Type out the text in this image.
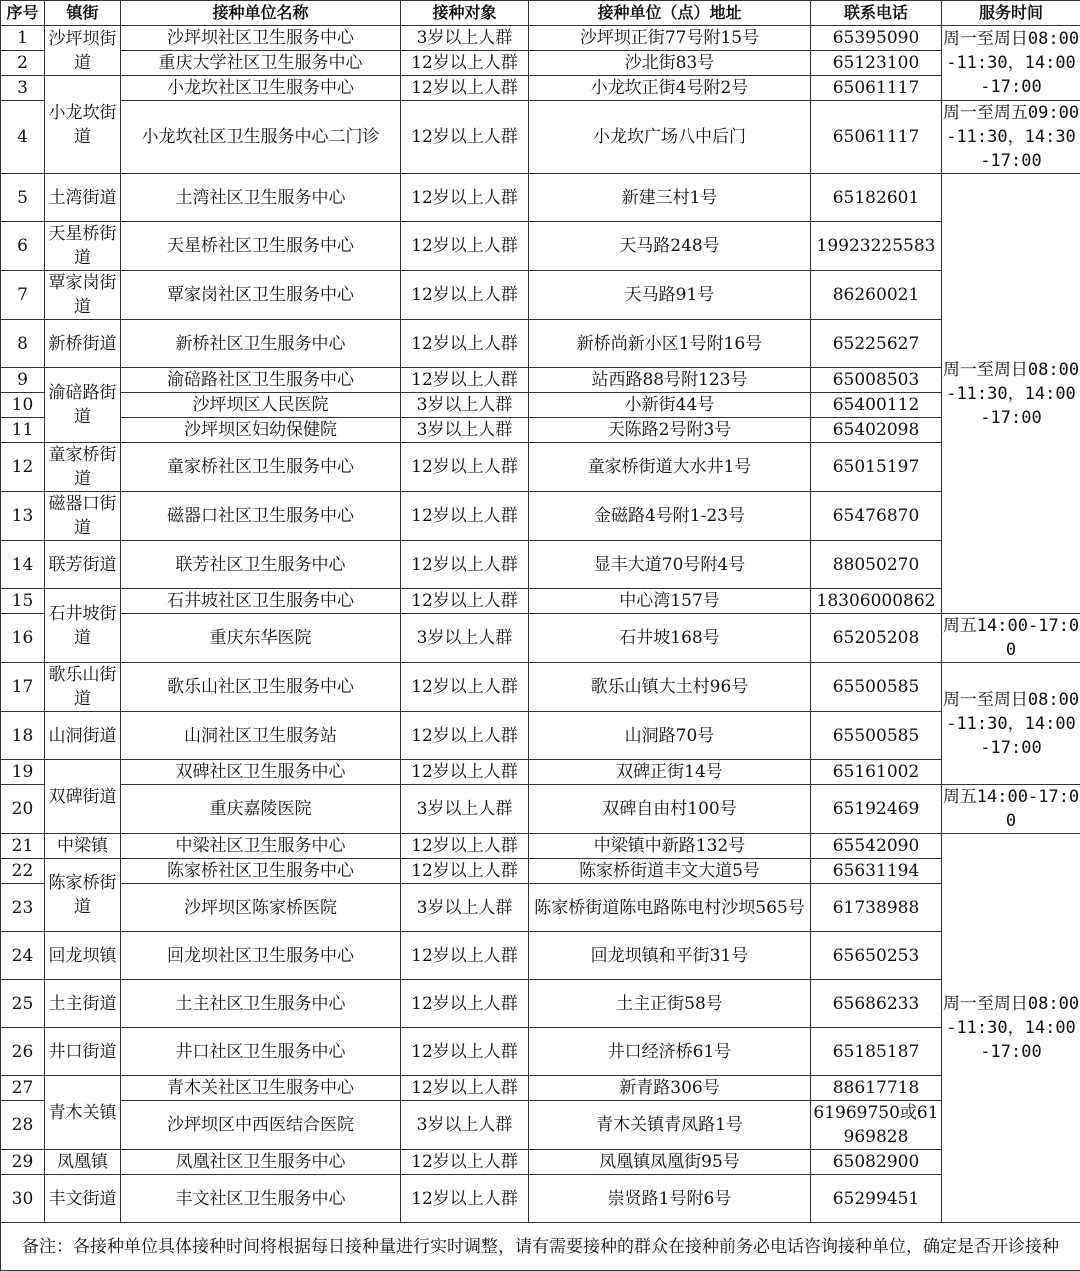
序号	镇街	接种单位名称	接种对象	接种单位（点）地址	联系电话	服务时间
1	沙坪坝街道	沙坪坝社区卫生服务中心	3岁以上人群	沙坪坝正街77号附15号	65395090	周一至周日08:00-11:30，14:00-17:00
2		重庆大学社区卫生服务中心	12岁以上人群	沙北街83号	65123100	
3	小龙坎街道	小龙坎社区卫生服务中心	12岁以上人群	小龙坎正街4号附2号	65061117	
4		小龙坎社区卫生服务中心二门诊	12岁以上人群	小龙坎广场八中后门	65061117	周一至周五09:00-11:30，14:30-17:00
5	土湾街道	土湾社区卫生服务中心	12岁以上人群	新建三村1号	65182601	周一至周日08:00-11:30，14:00-17:00
6	天星桥街道	天星桥社区卫生服务中心	12岁以上人群	天马路248号	19923225583	
7	覃家岗街道	覃家岗社区卫生服务中心	12岁以上人群	天马路91号	86260021	
8	新桥街道	新桥社区卫生服务中心	12岁以上人群	新桥尚新小区1号附16号	65225627	
9	渝碚路街道	渝碚路社区卫生服务中心	12岁以上人群	站西路88号附123号	65008503	
10		沙坪坝区人民医院	3岁以上人群	小新街44号	65400112	
11		沙坪坝区妇幼保健院	3岁以上人群	天陈路2号附3号	65402098	
12	童家桥街道	童家桥社区卫生服务中心	12岁以上人群	童家桥街道大水井1号	65015197	
13	磁器口街道	磁器口社区卫生服务中心	12岁以上人群	金磁路4号附1-23号	65476870	
14	联芳街道	联芳社区卫生服务中心	12岁以上人群	显丰大道70号附4号	88050270	
15	石井坡街道	石井坡社区卫生服务中心	12岁以上人群	中心湾157号	18306000862	
16		重庆东华医院	3岁以上人群	石井坡168号	65205208	周五14:00-17:00
17	歌乐山街道	歌乐山社区卫生服务中心	12岁以上人群	歌乐山镇大土村96号	65500585	周一至周日08:00-11:30，14:00-17:00
18	山洞街道	山洞社区卫生服务站	12岁以上人群	山洞路70号	65500585	
19	双碑街道	双碑社区卫生服务中心	12岁以上人群	双碑正街14号	65161002	
20		重庆嘉陵医院	3岁以上人群	双碑自由村100号	65192469	周五14:00-17:00
21	中梁镇	中梁社区卫生服务中心	12岁以上人群	中梁镇中新路132号	65542090	周一至周日08:00-11:30，14:00-17:00
22	陈家桥街道	陈家桥社区卫生服务中心	12岁以上人群	陈家桥街道丰文大道5号	65631194	
23		沙坪坝区陈家桥医院	3岁以上人群	陈家桥街道陈电路陈电村沙坝565号	61738988	
24	回龙坝镇	回龙坝社区卫生服务中心	12岁以上人群	回龙坝镇和平街31号	65650253	
25	土主街道	土主社区卫生服务中心	12岁以上人群	土主正街58号	65686233	
26	井口街道	井口社区卫生服务中心	12岁以上人群	井口经济桥61号	65185187	
27	青木关镇	青木关社区卫生服务中心	12岁以上人群	新青路306号	88617718	
28		沙坪坝区中西医结合医院	3岁以上人群	青木关镇青凤路1号	61969750或61969828	
29	凤凰镇	凤凰社区卫生服务中心	12岁以上人群	凤凰镇凤凰街95号	65082900	
30	丰文街道	丰文社区卫生服务中心	12岁以上人群	崇贤路1号附6号	65299451	
备注：各接种单位具体接种时间将根据每日接种量进行实时调整，请有需要接种的群众在接种前务必电话咨询接种单位，确定是否开诊接种						
